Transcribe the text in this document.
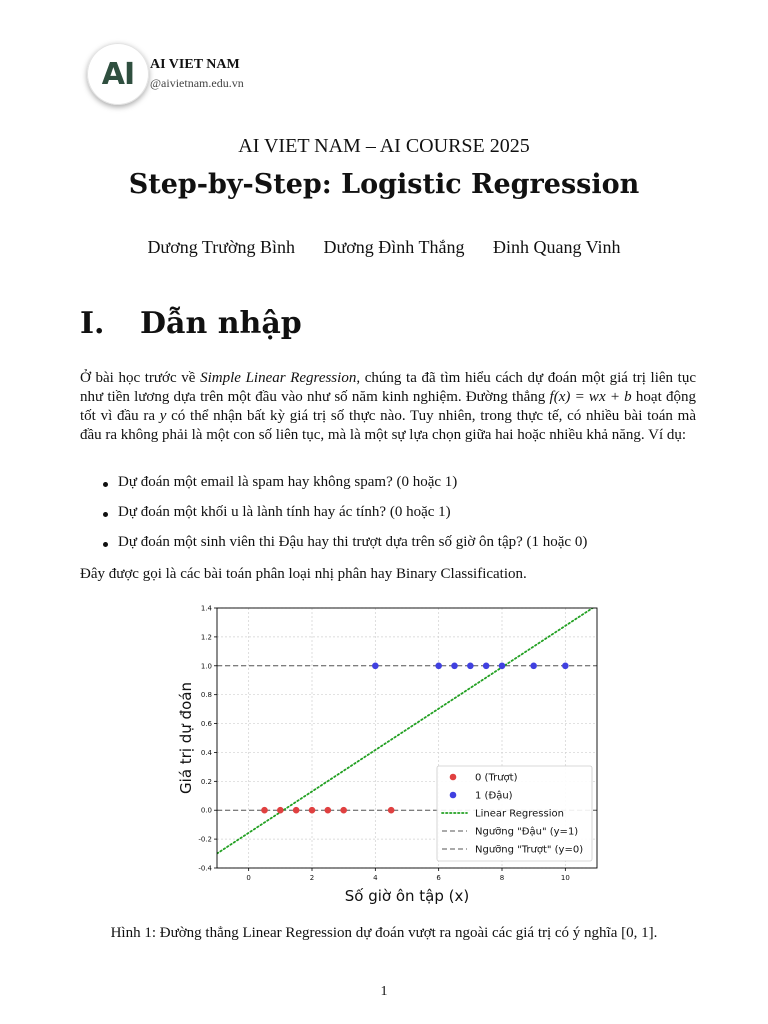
AI AI VIET NAM
@aivietnam.edu.vn
AI VIET NAM – AI COURSE 2025
Step-by-Step: Logistic Regression
Dương Trường Bình Dương Đình Thắng Đinh Quang Vinh
I. Dẫn nhập
Ở bài học trước về Simple Linear Regression, chúng ta đã tìm hiểu cách dự đoán một giá trị liên tục như tiền lương dựa trên một đầu vào như số năm kinh nghiệm. Đường thẳng f(x) = wx + b hoạt động tốt vì đầu ra y có thể nhận bất kỳ giá trị số thực nào. Tuy nhiên, trong thực tế, có nhiều bài toán mà đầu ra không phải là một con số liên tục, mà là một sự lựa chọn giữa hai hoặc nhiều khả năng. Ví dụ:
Dự đoán một email là spam hay không spam? (0 hoặc 1)
Dự đoán một khối u là lành tính hay ác tính? (0 hoặc 1)
Dự đoán một sinh viên thi Đậu hay thi trượt dựa trên số giờ ôn tập? (1 hoặc 0)
Đây được gọi là các bài toán phân loại nhị phân hay Binary Classification.
0	2	4	6	8	10
-0.4
-0.2
0.0
0.2
0.4
0.6
0.8
1.0
1.2
1.4
Số giờ ôn tập (x)
Giá trị dự đoán	0 (Trượt)
1 (Đậu)
Linear Regression
Ngưỡng "Đậu" (y=1)
Ngưỡng "Trượt" (y=0)
Hình 1: Đường thẳng Linear Regression dự đoán vượt ra ngoài các giá trị có ý nghĩa [0, 1].
1
